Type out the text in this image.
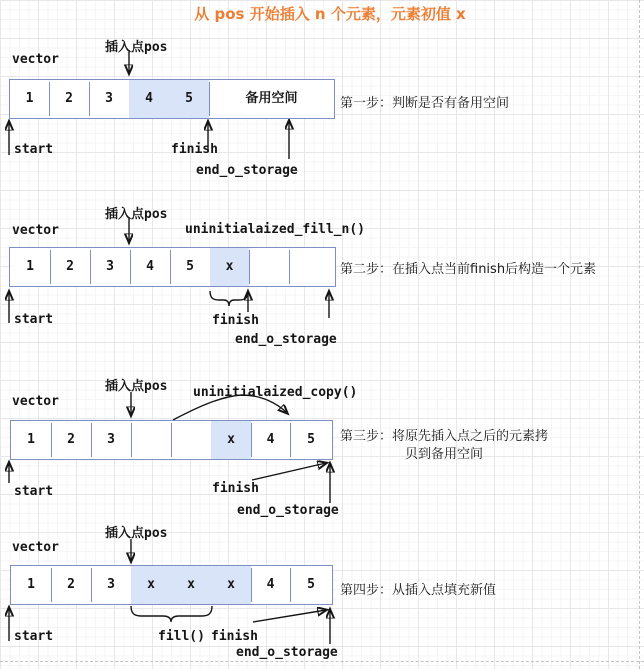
从 pos 开始插入 n 个元素，元素初值 x
插入点pos
vector
1	2	3	4	5	备用空间
start	finish
end_o_storage
第一步：判断是否有备用空间
插入点pos
vector	uninitialaized_fill_n()
1	2	3	4	5	x
start	finish
end_o_storage
第二步：在插入点当前finish后构造一个元素
插入点pos uninitialaized_copy()
vector
1	2	3	x	4	5
start	finish
end_o_storage
第三步：将原先插入点之后的元素拷
贝到备用空间
插入点pos
vector
1	2	3	x	x	x	4	5
start	fill() finish
end_o_storage
第四步：从插入点填充新值
